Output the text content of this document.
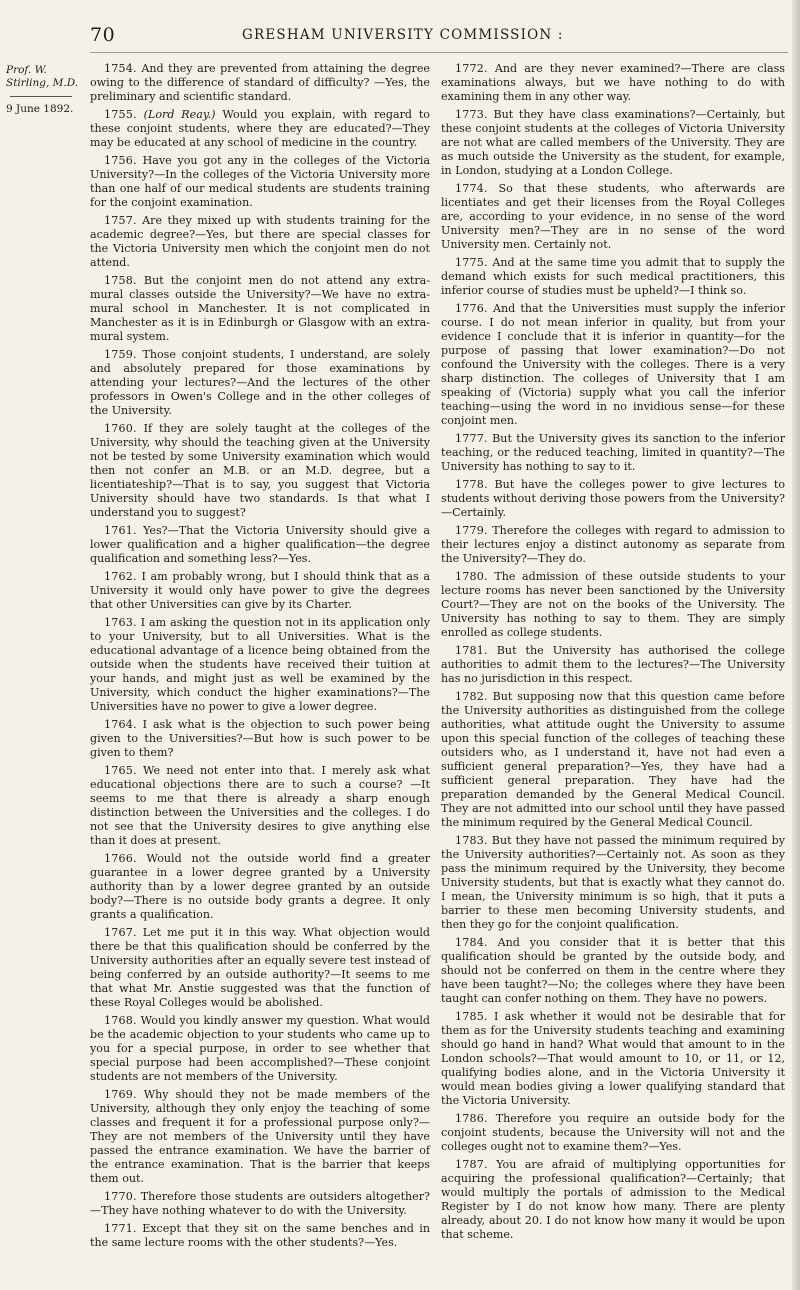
70	GRESHAM UNIVERSITY COMMISSION :
Prof. W. Stirling, M.D.
9 June 1892.

1754. And they are prevented from attaining the degree owing to the difference of standard of difficulty? —Yes, the preliminary and scientific standard.

1755. (Lord Reay.) Would you explain, with regard to these conjoint students, where they are educated?—They may be educated at any school of medicine in the country.

1756. Have you got any in the colleges of the Victoria University?—In the colleges of the Victoria University more than one half of our medical students are students training for the conjoint examination.

1757. Are they mixed up with students training for the academic degree?—Yes, but there are special classes for the Victoria University men which the conjoint men do not attend.

1758. But the conjoint men do not attend any extra-mural classes outside the University?—We have no extra-mural school in Manchester. It is not complicated in Manchester as it is in Edinburgh or Glasgow with an extra-mural system.

1759. Those conjoint students, I understand, are solely and absolutely prepared for those examinations by attending your lectures?—And the lectures of the other professors in Owen's College and in the other colleges of the University.

1760. If they are solely taught at the colleges of the University, why should the teaching given at the University not be tested by some University examination which would then not confer an M.B. or an M.D. degree, but a licentiateship?—That is to say, you suggest that Victoria University should have two standards. Is that what I understand you to suggest?

1761. Yes?—That the Victoria University should give a lower qualification and a higher qualification—the degree qualification and something less?—Yes.

1762. I am probably wrong, but I should think that as a University it would only have power to give the degrees that other Universities can give by its Charter.

1763. I am asking the question not in its application only to your University, but to all Universities. What is the educational advantage of a licence being obtained from the outside when the students have received their tuition at your hands, and might just as well be examined by the University, which conduct the higher examinations?—The Universities have no power to give a lower degree.

1764. I ask what is the objection to such power being given to the Universities?—But how is such power to be given to them?

1765. We need not enter into that. I merely ask what educational objections there are to such a course? —It seems to me that there is already a sharp enough distinction between the Universities and the colleges. I do not see that the University desires to give anything else than it does at present.

1766. Would not the outside world find a greater guarantee in a lower degree granted by a University authority than by a lower degree granted by an outside body?—There is no outside body grants a degree. It only grants a qualification.

1767. Let me put it in this way. What objection would there be that this qualification should be conferred by the University authorities after an equally severe test instead of being conferred by an outside authority?—It seems to me that what Mr. Anstie suggested was that the function of these Royal Colleges would be abolished.

1768. Would you kindly answer my question. What would be the academic objection to your students who came up to you for a special purpose, in order to see whether that special purpose had been accomplished?—These conjoint students are not members of the University.

1769. Why should they not be made members of the University, although they only enjoy the teaching of some classes and frequent it for a professional purpose only?—They are not members of the University until they have passed the entrance examination. We have the barrier of the entrance examination. That is the barrier that keeps them out.

1770. Therefore those students are outsiders altogether?—They have nothing whatever to do with the University.

1771. Except that they sit on the same benches and in the same lecture rooms with the other students?—Yes.

1772. And are they never examined?—There are class examinations always, but we have nothing to do with examining them in any other way.

1773. But they have class examinations?—Certainly, but these conjoint students at the colleges of Victoria University are not what are called members of the University. They are as much outside the University as the student, for example, in London, studying at a London College.

1774. So that these students, who afterwards are licentiates and get their licenses from the Royal Colleges are, according to your evidence, in no sense of the word University men?—They are in no sense of the word University men. Certainly not.

1775. And at the same time you admit that to supply the demand which exists for such medical practitioners, this inferior course of studies must be upheld?—I think so.

1776. And that the Universities must supply the inferior course. I do not mean inferior in quality, but from your evidence I conclude that it is inferior in quantity—for the purpose of passing that lower examination?—Do not confound the University with the colleges. There is a very sharp distinction. The colleges of University that I am speaking of (Victoria) supply what you call the inferior teaching—using the word in no invidious sense—for these conjoint men.

1777. But the University gives its sanction to the inferior teaching, or the reduced teaching, limited in quantity?—The University has nothing to say to it.

1778. But have the colleges power to give lectures to students without deriving those powers from the University?—Certainly.

1779. Therefore the colleges with regard to admission to their lectures enjoy a distinct autonomy as separate from the University?—They do.

1780. The admission of these outside students to your lecture rooms has never been sanctioned by the University Court?—They are not on the books of the University. The University has nothing to say to them. They are simply enrolled as college students.

1781. But the University has authorised the college authorities to admit them to the lectures?—The University has no jurisdiction in this respect.

1782. But supposing now that this question came before the University authorities as distinguished from the college authorities, what attitude ought the University to assume upon this special function of the colleges of teaching these outsiders who, as I understand it, have not had even a sufficient general preparation?—Yes, they have had a sufficient general preparation. They have had the preparation demanded by the General Medical Council. They are not admitted into our school until they have passed the minimum required by the General Medical Council.

1783. But they have not passed the minimum required by the University authorities?—Certainly not. As soon as they pass the minimum required by the University, they become University students, but that is exactly what they cannot do. I mean, the University minimum is so high, that it puts a barrier to these men becoming University students, and then they go for the conjoint qualification.

1784. And you consider that it is better that this qualification should be granted by the outside body, and should not be conferred on them in the centre where they have been taught?—No; the colleges where they have been taught can confer nothing on them. They have no powers.

1785. I ask whether it would not be desirable that for them as for the University students teaching and examining should go hand in hand? What would that amount to in the London schools?—That would amount to 10, or 11, or 12, qualifying bodies alone, and in the Victoria University it would mean bodies giving a lower qualifying standard that the Victoria University.

1786. Therefore you require an outside body for the conjoint students, because the University will not and the colleges ought not to examine them?—Yes.

1787. You are afraid of multiplying opportunities for acquiring the professional qualification?—Certainly; that would multiply the portals of admission to the Medical Register by I do not know how many. There are plenty already, about 20. I do not know how many it would be upon that scheme.
